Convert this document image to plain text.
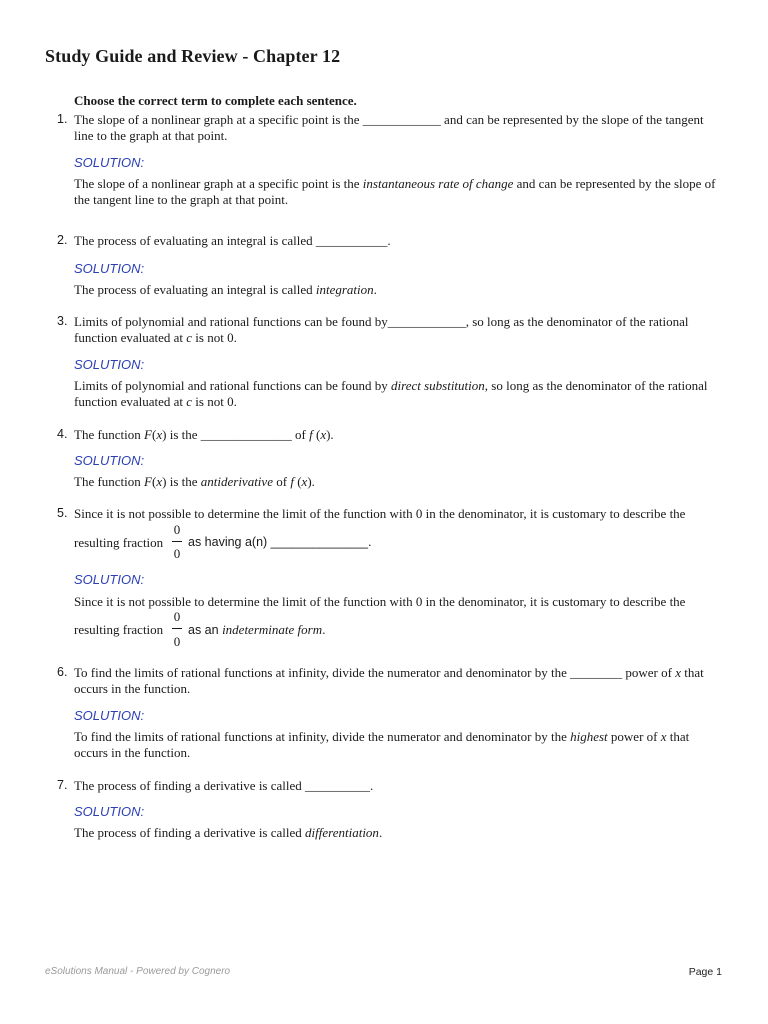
Study Guide and Review - Chapter 12
Choose the correct term to complete each sentence.
1. The slope of a nonlinear graph at a specific point is the ____________ and can be represented by the slope of the tangent line to the graph at that point.
SOLUTION:
The slope of a nonlinear graph at a specific point is the instantaneous rate of change and can be represented by the slope of the tangent line to the graph at that point.
2. The process of evaluating an integral is called ___________.
SOLUTION:
The process of evaluating an integral is called integration.
3. Limits of polynomial and rational functions can be found by____________, so long as the denominator of the rational function evaluated at c is not 0.
SOLUTION:
Limits of polynomial and rational functions can be found by direct substitution, so long as the denominator of the rational function evaluated at c is not 0.
4. The function F(x) is the ______________ of f (x).
SOLUTION:
The function F(x) is the antiderivative of f (x).
5. Since it is not possible to determine the limit of the function with 0 in the denominator, it is customary to describe the
resulting fraction
0
0
as having a(n) ______________.
SOLUTION:
Since it is not possible to determine the limit of the function with 0 in the denominator, it is customary to describe the
resulting fraction
0
0
as an indeterminate form.
6. To find the limits of rational functions at infinity, divide the numerator and denominator by the ________ power of x that occurs in the function.
SOLUTION:
To find the limits of rational functions at infinity, divide the numerator and denominator by the highest power of x that occurs in the function.
7. The process of finding a derivative is called __________.
SOLUTION:
The process of finding a derivative is called differentiation.
eSolutions Manual - Powered by Cognero	Page 1
